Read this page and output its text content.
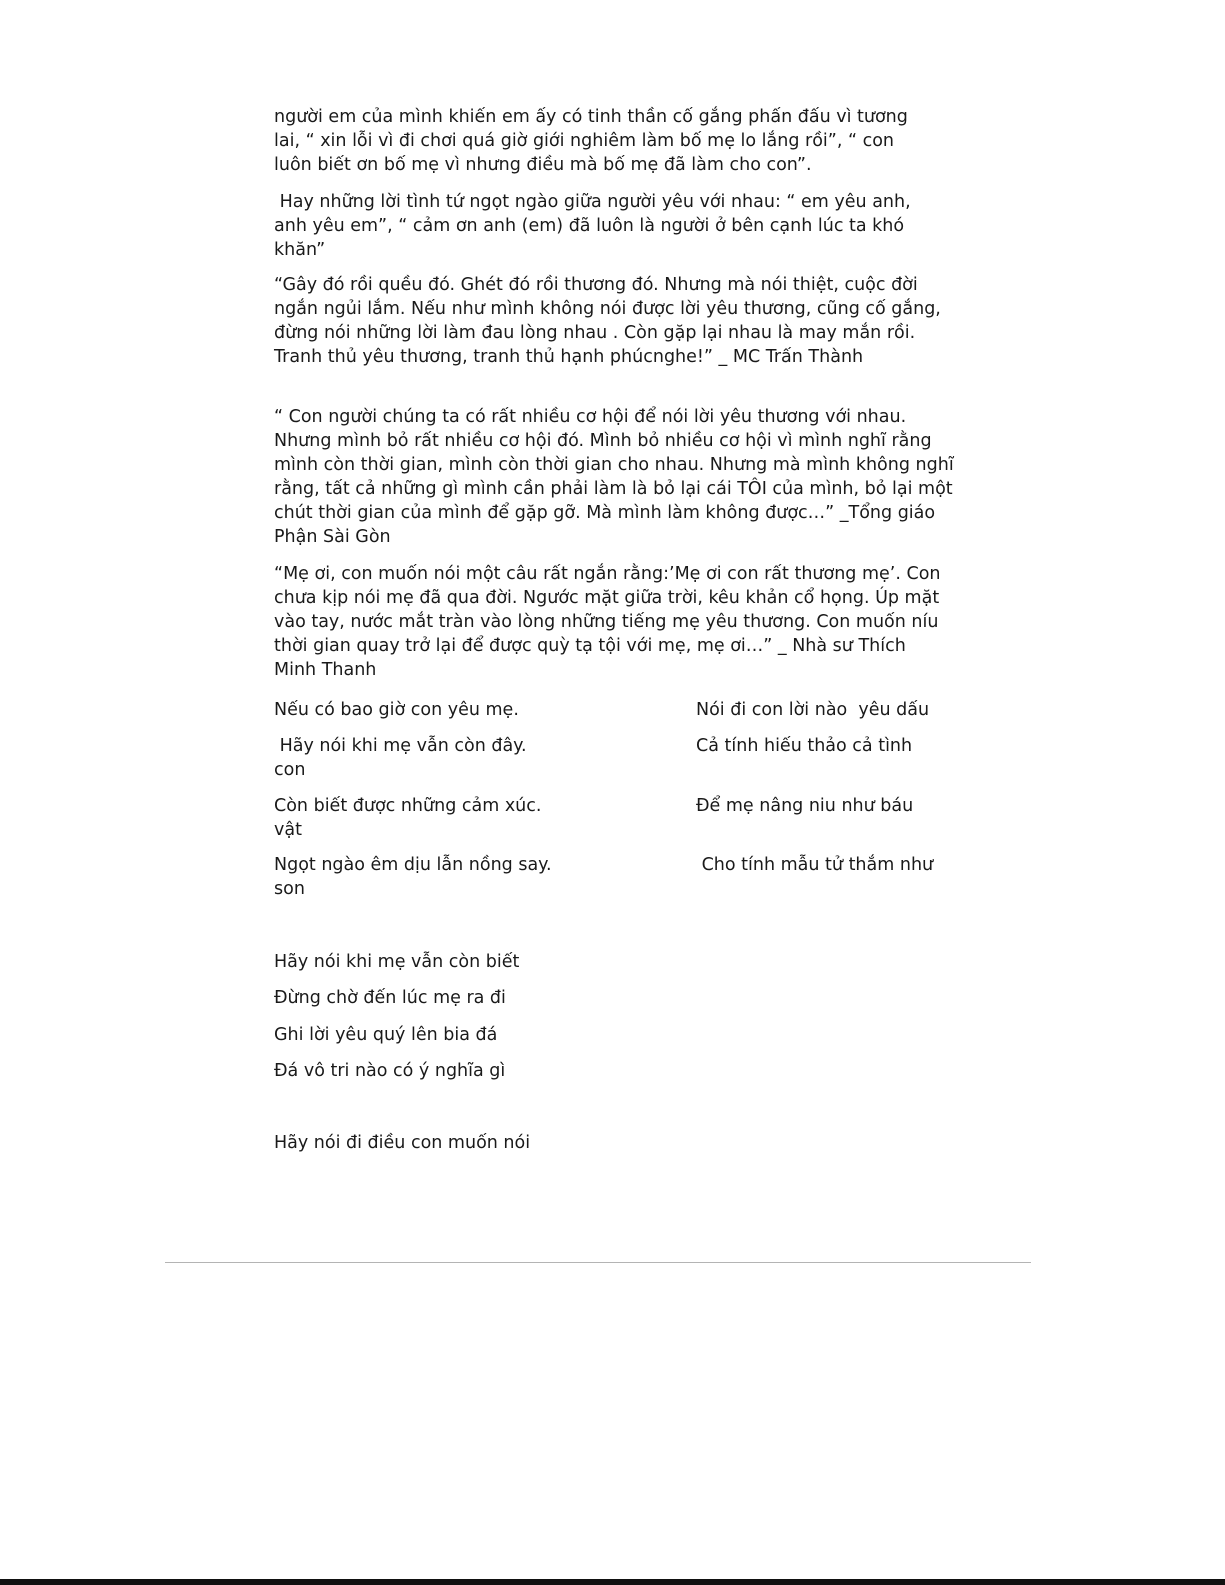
người em của mình khiến em ấy có tinh thần cố gắng phấn đấu vì tương lai, “ xin lỗi vì đi chơi quá giờ giới nghiêm làm bố mẹ lo lắng rồi”, “ con luôn biết ơn bố mẹ vì nhưng điều mà bố mẹ đã làm cho con”.

Hay những lời tình tứ ngọt ngào giữa người yêu với nhau: “ em yêu anh, anh yêu em”, “ cảm ơn anh (em) đã luôn là người ở bên cạnh lúc ta khó khăn”

“Gây đó rồi quều đó. Ghét đó rồi thương đó. Nhưng mà nói thiệt, cuộc đời ngắn ngủi lắm. Nếu như mình không nói được lời yêu thương, cũng cố gắng, đừng nói những lời làm đau lòng nhau . Còn gặp lại nhau là may mắn rồi. Tranh thủ yêu thương, tranh thủ hạnh phúcnghe!” _ MC Trấn Thành

“ Con người chúng ta có rất nhiều cơ hội để nói lời yêu thương với nhau. Nhưng mình bỏ rất nhiều cơ hội đó. Mình bỏ nhiều cơ hội vì mình nghĩ rằng mình còn thời gian, mình còn thời gian cho nhau. Nhưng mà mình không nghĩ rằng, tất cả những gì mình cần phải làm là bỏ lại cái TÔI của mình, bỏ lại một chút thời gian của mình để gặp gỡ. Mà mình làm không được…” _Tổng giáo Phận Sài Gòn

“Mẹ ơi, con muốn nói một câu rất ngắn rằng:’Mẹ ơi con rất thương mẹ’. Con chưa kịp nói mẹ đã qua đời. Ngước mặt giữa trời, kêu khản cổ họng. Úp mặt vào tay, nước mắt tràn vào lòng những tiếng mẹ yêu thương. Con muốn níu thời gian quay trở lại để được quỳ tạ tội với mẹ, mẹ ơi…” _ Nhà sư Thích Minh Thanh

Nếu có bao giờ con yêu mẹ.	Nói đi con lời nào  yêu dấu

Hãy nói khi mẹ vẫn còn đây.
con

Cả tính hiếu thảo cả tình

Còn biết được những cảm xúc.
vật

Để mẹ nâng niu như báu

Ngọt ngào êm dịu lẫn nồng say.
son

Cho tính mẫu tử thắm như

Hãy nói khi mẹ vẫn còn biết

Đừng chờ đến lúc mẹ ra đi

Ghi lời yêu quý lên bia đá

Đá vô tri nào có ý nghĩa gì

Hãy nói đi điều con muốn nói
